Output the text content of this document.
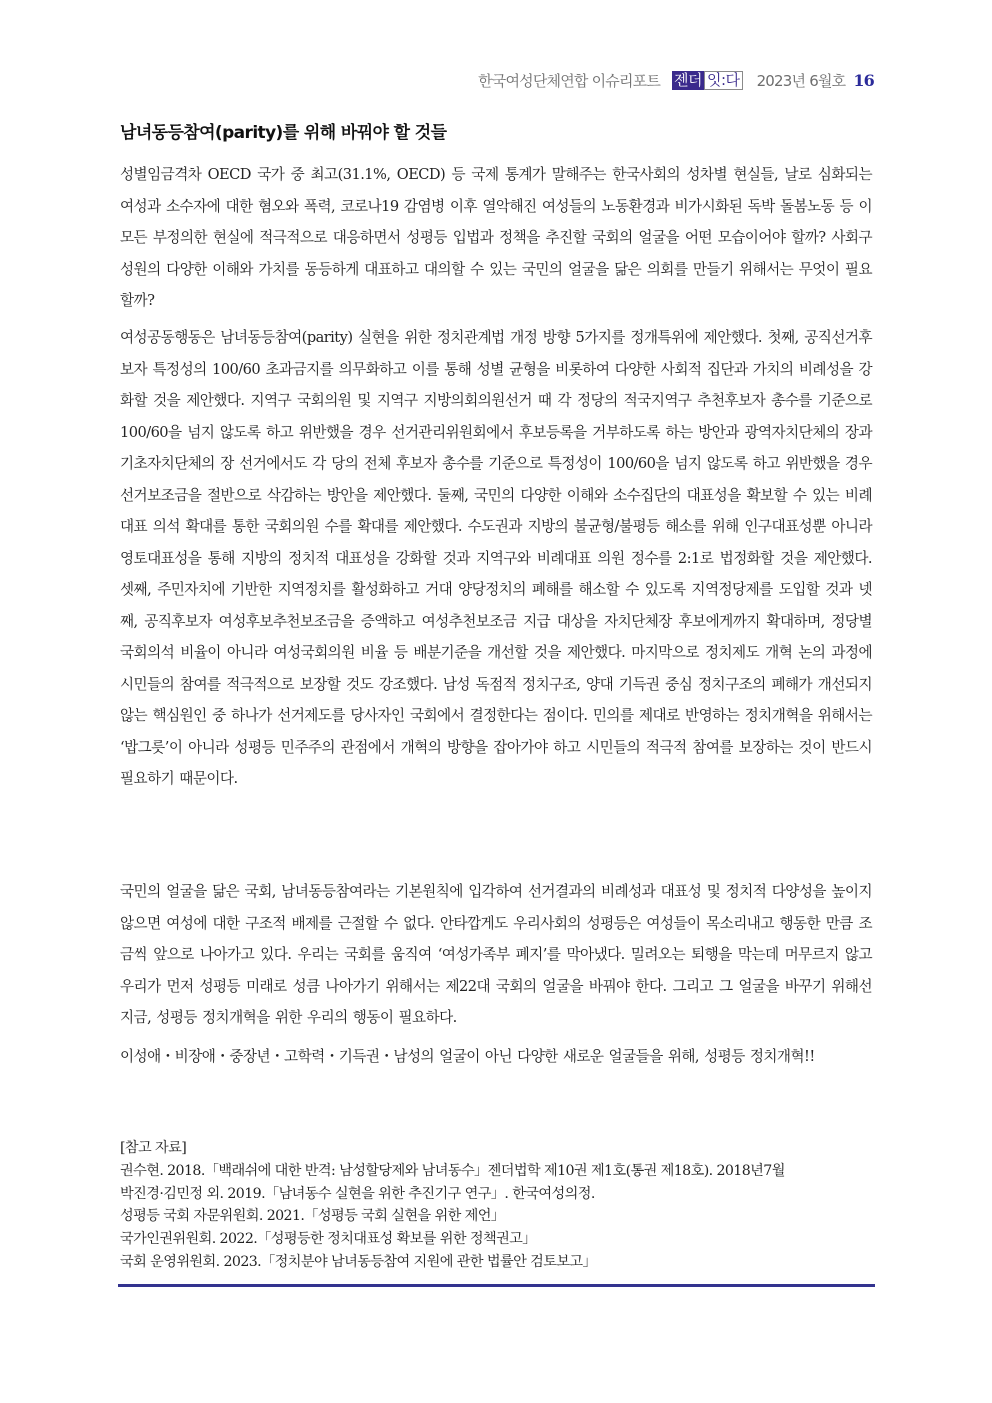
한국여성단체연합 이슈리포트 젠더 잇:다 2023년 6월호 16
남녀동등참여(parity)를 위해 바꿔야 할 것들

성별임금격차 OECD 국가 중 최고(31.1%, OECD) 등 국제 통계가 말해주는 한국사회의 성차별 현실들, 날로 심화되는 여성과 소수자에 대한 혐오와 폭력, 코로나19 감염병 이후 열악해진 여성들의 노동환경과 비가시화된 독박 돌봄노동 등 이 모든 부정의한 현실에 적극적으로 대응하면서 성평등 입법과 정책을 추진할 국회의 얼굴을 어떤 모습이어야 할까? 사회구성원의 다양한 이해와 가치를 동등하게 대표하고 대의할 수 있는 국민의 얼굴을 닮은 의회를 만들기 위해서는 무엇이 필요할까?

여성공동행동은 남녀동등참여(parity) 실현을 위한 정치관계법 개정 방향 5가지를 정개특위에 제안했다. 첫째, 공직선거후보자 특정성의 100/60 초과금지를 의무화하고 이를 통해 성별 균형을 비롯하여 다양한 사회적 집단과 가치의 비례성을 강화할 것을 제안했다. 지역구 국회의원 및 지역구 지방의회의원선거 때 각 정당의 적국지역구 추천후보자 총수를 기준으로 100/60을 넘지 않도록 하고 위반했을 경우 선거관리위원회에서 후보등록을 거부하도록 하는 방안과 광역자치단체의 장과 기초자치단체의 장 선거에서도 각 당의 전체 후보자 총수를 기준으로 특정성이 100/60을 넘지 않도록 하고 위반했을 경우 선거보조금을 절반으로 삭감하는 방안을 제안했다. 둘째, 국민의 다양한 이해와 소수집단의 대표성을 확보할 수 있는 비례대표 의석 확대를 통한 국회의원 수를 확대를 제안했다. 수도권과 지방의 불균형/불평등 해소를 위해 인구대표성뿐 아니라 영토대표성을 통해 지방의 정치적 대표성을 강화할 것과 지역구와 비례대표 의원 정수를 2:1로 법정화할 것을 제안했다. 셋째, 주민자치에 기반한 지역정치를 활성화하고 거대 양당정치의 폐해를 해소할 수 있도록 지역정당제를 도입할 것과 넷째, 공직후보자 여성후보추천보조금을 증액하고 여성추천보조금 지급 대상을 자치단체장 후보에게까지 확대하며, 정당별 국회의석 비율이 아니라 여성국회의원 비율 등 배분기준을 개선할 것을 제안했다. 마지막으로 정치제도 개혁 논의 과정에 시민들의 참여를 적극적으로 보장할 것도 강조했다. 남성 독점적 정치구조, 양대 기득권 중심 정치구조의 폐해가 개선되지 않는 핵심원인 중 하나가 선거제도를 당사자인 국회에서 결정한다는 점이다. 민의를 제대로 반영하는 정치개혁을 위해서는 ‘밥그릇’이 아니라 성평등 민주주의 관점에서 개혁의 방향을 잡아가야 하고 시민들의 적극적 참여를 보장하는 것이 반드시 필요하기 때문이다.

국민의 얼굴을 닮은 국회, 남녀동등참여라는 기본원칙에 입각하여 선거결과의 비례성과 대표성 및 정치적 다양성을 높이지 않으면 여성에 대한 구조적 배제를 근절할 수 없다. 안타깝게도 우리사회의 성평등은 여성들이 목소리내고 행동한 만큼 조금씩 앞으로 나아가고 있다. 우리는 국회를 움직여 ‘여성가족부 폐지’를 막아냈다. 밀려오는 퇴행을 막는데 머무르지 않고 우리가 먼저 성평등 미래로 성큼 나아가기 위해서는 제22대 국회의 얼굴을 바꿔야 한다. 그리고 그 얼굴을 바꾸기 위해선 지금, 성평등 정치개혁을 위한 우리의 행동이 필요하다.

이성애・비장애・중장년・고학력・기득권・남성의 얼굴이 아닌 다양한 새로운 얼굴들을 위해, 성평등 정치개혁!!

[참고 자료]
권수현. 2018.「백래쉬에 대한 반격: 남성할당제와 남녀동수」젠더법학 제10권 제1호(통권 제18호). 2018년7월
박진경·김민정 외. 2019.「남녀동수 실현을 위한 추진기구 연구」. 한국여성의정.
성평등 국회 자문위원회. 2021.「성평등 국회 실현을 위한 제언」
국가인권위원회. 2022.「성평등한 정치대표성 확보를 위한 정책권고」
국회 운영위원회. 2023.「정치분야 남녀동등참여 지원에 관한 법률안 검토보고」
